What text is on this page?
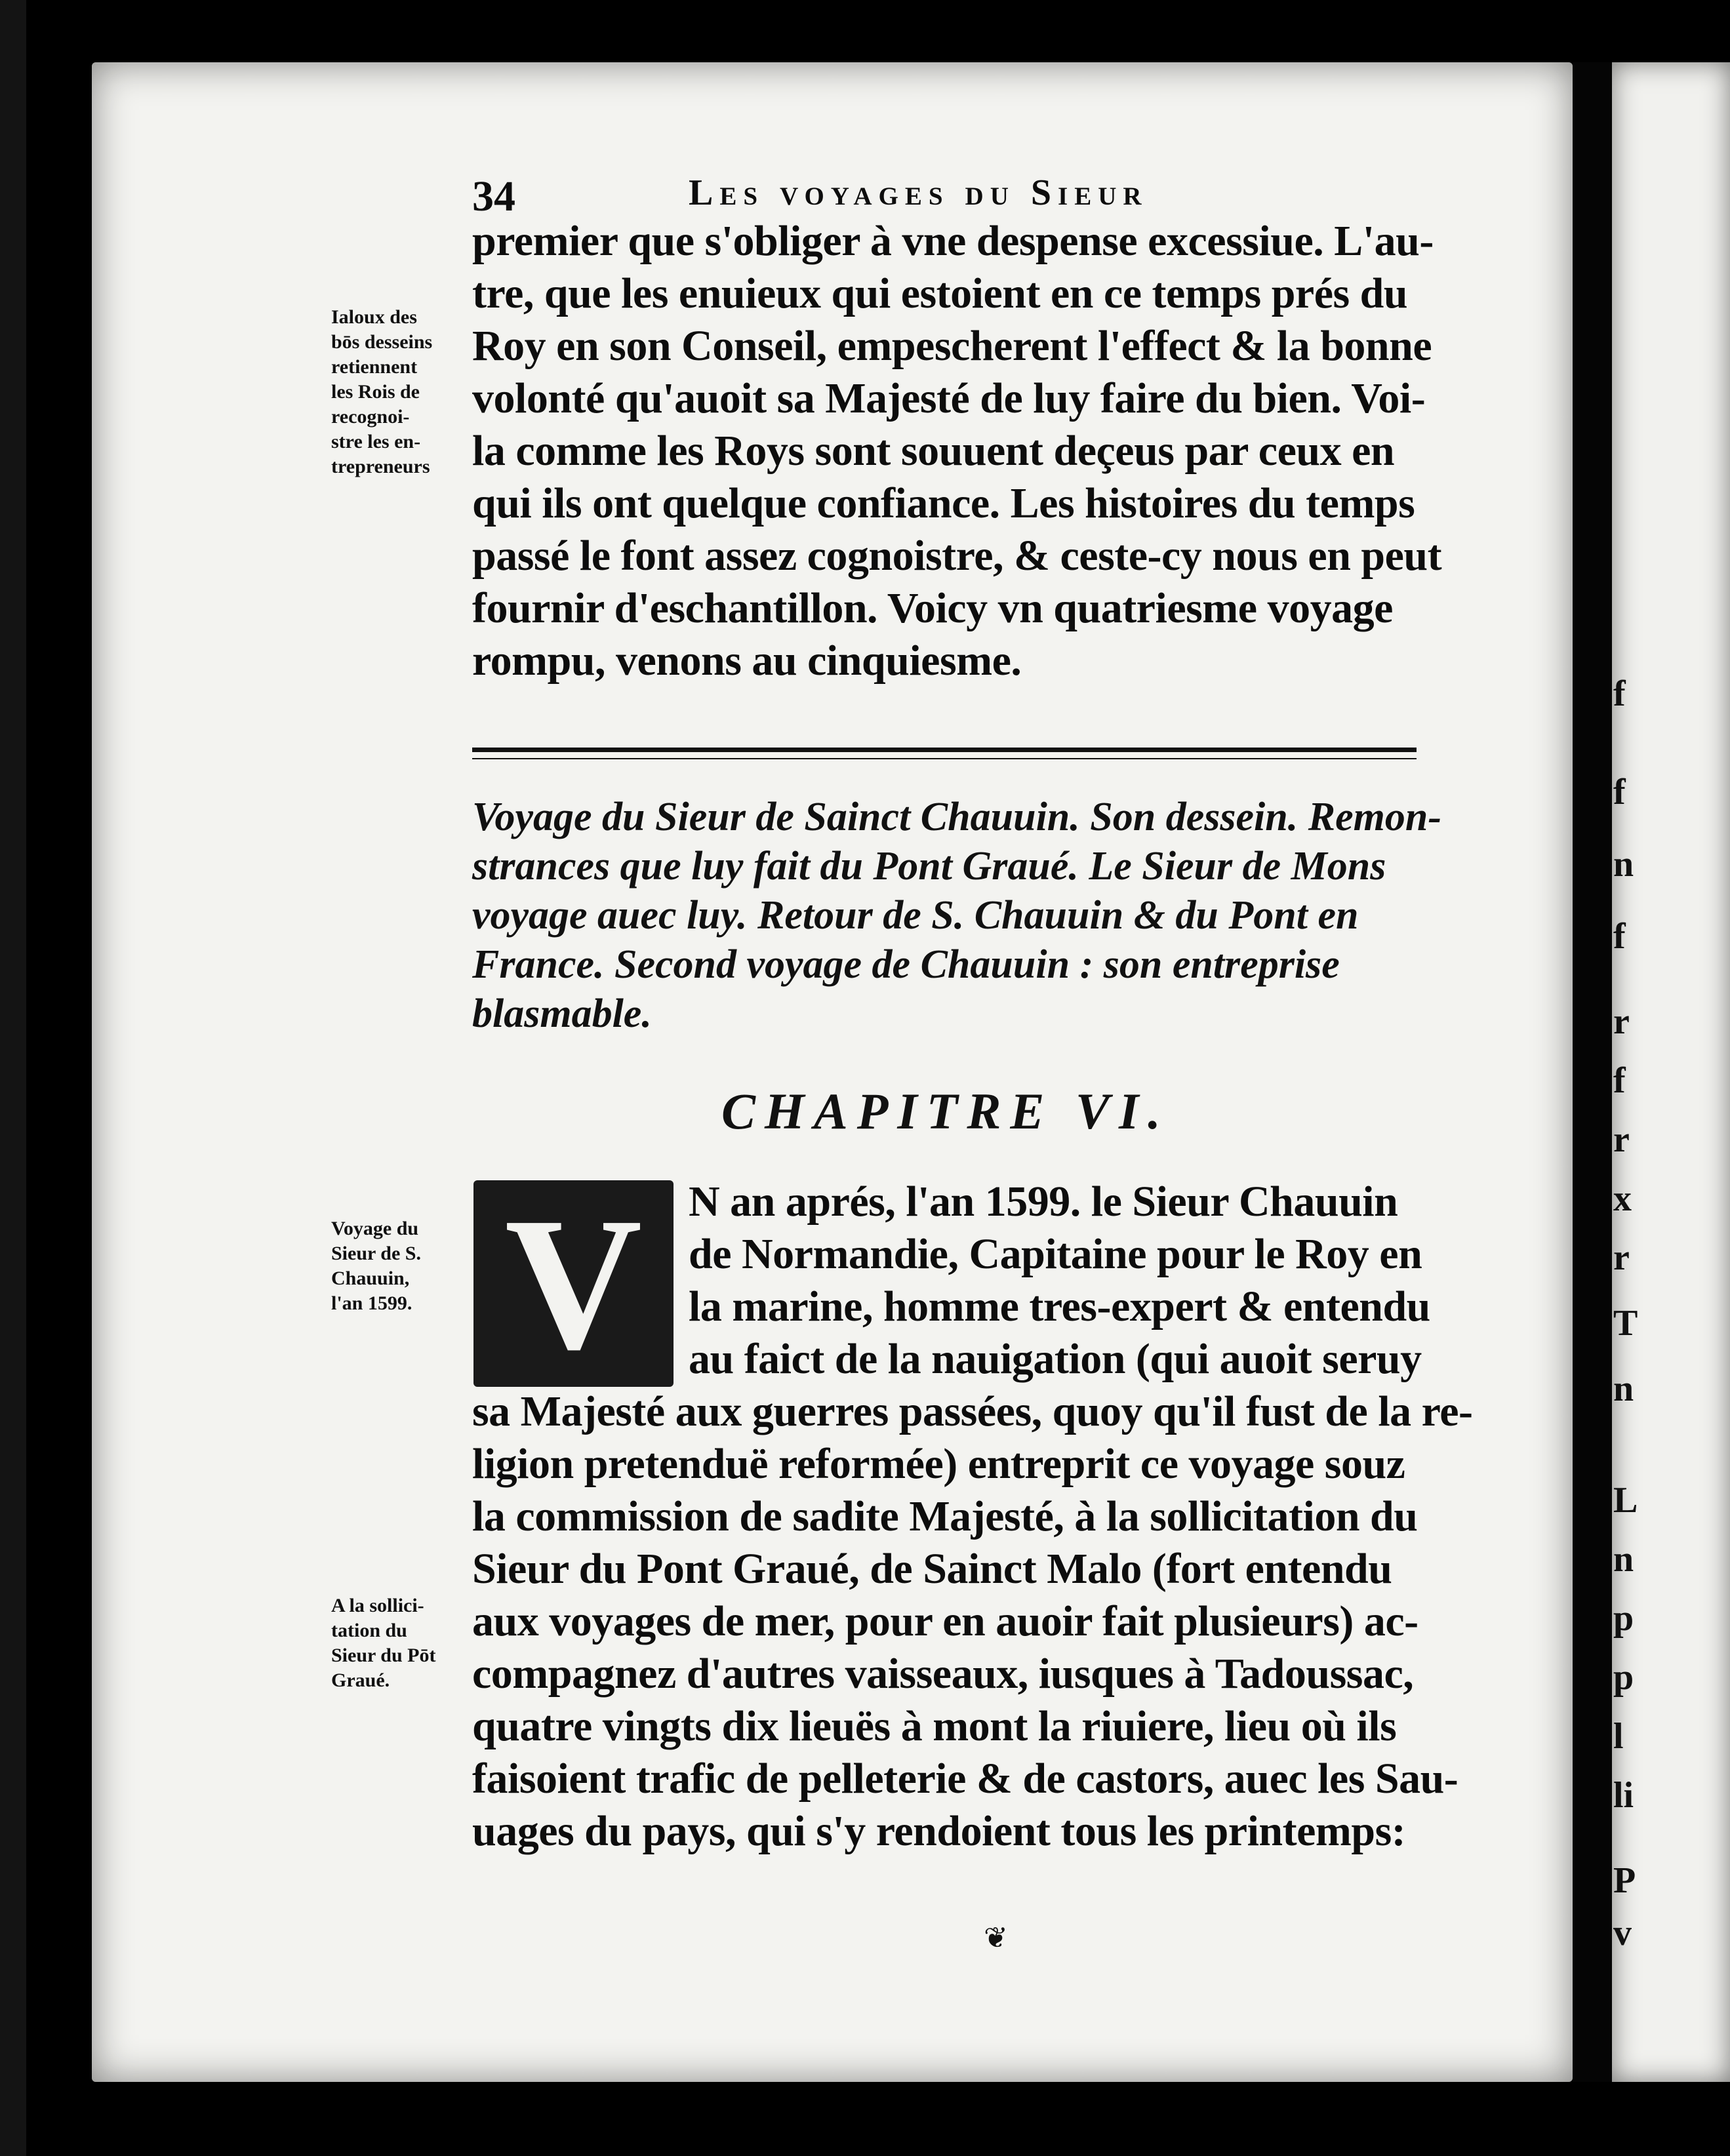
f
f
n
f
r
f
r
x
r
T
n
L
n
p
p
l
li
P
v
34	Les voyages du Sieur
premier que s'obliger à vne despense excessiue. L'au-
tre, que les enuieux qui estoient en ce temps prés du
Roy en son Conseil, empescherent l'effect & la bonne
volonté qu'auoit sa Majesté de luy faire du bien. Voi-
la comme les Roys sont souuent deçeus par ceux en
qui ils ont quelque confiance. Les histoires du temps
passé le font assez cognoistre, & ceste-cy nous en peut
fournir d'eschantillon. Voicy vn quatriesme voyage
rompu, venons au cinquiesme.
Ialoux des
bōs desseins
retiennent
les Rois de
recognoi-
stre les en-
trepreneurs
Voyage du Sieur de Sainct Chauuin. Son dessein. Remon-
strances que luy fait du Pont Graué. Le Sieur de Mons
voyage auec luy. Retour de S. Chauuin & du Pont en
France. Second voyage de Chauuin : son entreprise
blasmable.
CHAPITRE VI.
V
Voyage du
Sieur de S.
Chauuin,
l'an 1599.
N an aprés, l'an 1599. le Sieur Chauuin
de Normandie, Capitaine pour le Roy en
la marine, homme tres-expert & entendu
au faict de la nauigation (qui auoit seruy
sa Majesté aux guerres passées, quoy qu'il fust de la re-
ligion pretenduë reformée) entreprit ce voyage souz
la commission de sadite Majesté, à la sollicitation du
Sieur du Pont Graué, de Sainct Malo (fort entendu
aux voyages de mer, pour en auoir fait plusieurs) ac-
compagnez d'autres vaisseaux, iusques à Tadoussac,
quatre vingts dix lieuës à mont la riuiere, lieu où ils
faisoient trafic de pelleterie & de castors, auec les Sau-
uages du pays, qui s'y rendoient tous les printemps:
A la sollici-
tation du
Sieur du Pōt
Graué.
❦
